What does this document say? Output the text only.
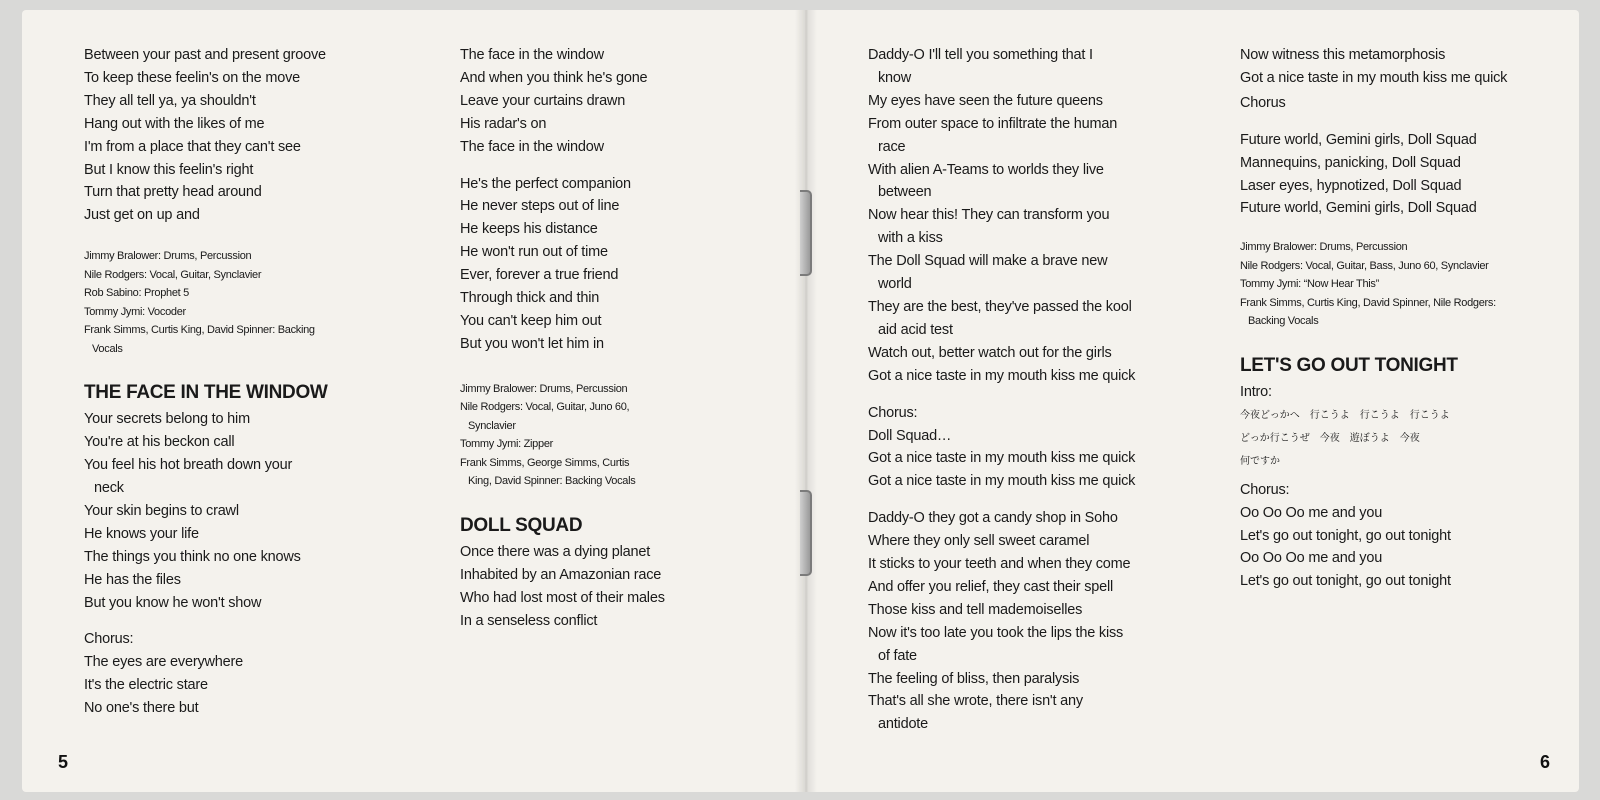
Between your past and present groove
To keep these feelin's on the move
They all tell ya, ya shouldn't
Hang out with the likes of me
I'm from a place that they can't see
But I know this feelin's right
Turn that pretty head around
Just get on up and
Jimmy Bralower: Drums, Percussion
Nile Rodgers: Vocal, Guitar, Synclavier
Rob Sabino: Prophet 5
Tommy Jymi: Vocoder
Frank Simms, Curtis King, David Spinner: Backing
Vocals
THE FACE IN THE WINDOW
Your secrets belong to him
You're at his beckon call
You feel his hot breath down your
neck
Your skin begins to crawl
He knows your life
The things you think no one knows
He has the files
But you know he won't show
Chorus:
The eyes are everywhere
It's the electric stare
No one's there but
The face in the window
And when you think he's gone
Leave your curtains drawn
His radar's on
The face in the window
He's the perfect companion
He never steps out of line
He keeps his distance
He won't run out of time
Ever, forever a true friend
Through thick and thin
You can't keep him out
But you won't let him in
Jimmy Bralower: Drums, Percussion
Nile Rodgers: Vocal, Guitar, Juno 60,
Synclavier
Tommy Jymi: Zipper
Frank Simms, George Simms, Curtis
King, David Spinner: Backing Vocals
DOLL SQUAD
Once there was a dying planet
Inhabited by an Amazonian race
Who had lost most of their males
In a senseless conflict
Daddy-O I'll tell you something that I
know
My eyes have seen the future queens
From outer space to infiltrate the human
race
With alien A-Teams to worlds they live
between
Now hear this! They can transform you
with a kiss
The Doll Squad will make a brave new
world
They are the best, they've passed the kool
aid acid test
Watch out, better watch out for the girls
Got a nice taste in my mouth kiss me quick
Chorus:
Doll Squad…
Got a nice taste in my mouth kiss me quick
Got a nice taste in my mouth kiss me quick
Daddy-O they got a candy shop in Soho
Where they only sell sweet caramel
It sticks to your teeth and when they come
And offer you relief, they cast their spell
Those kiss and tell mademoiselles
Now it's too late you took the lips the kiss
of fate
The feeling of bliss, then paralysis
That's all she wrote, there isn't any
antidote
Now witness this metamorphosis
Got a nice taste in my mouth kiss me quick
Chorus
Future world, Gemini girls, Doll Squad
Mannequins, panicking, Doll Squad
Laser eyes, hypnotized, Doll Squad
Future world, Gemini girls, Doll Squad
Jimmy Bralower: Drums, Percussion
Nile Rodgers: Vocal, Guitar, Bass, Juno 60, Synclavier
Tommy Jymi: “Now Hear This”
Frank Simms, Curtis King, David Spinner, Nile Rodgers:
Backing Vocals
LET'S GO OUT TONIGHT
Intro:
今夜どっかへ　行こうよ　行こうよ　行こうよ
どっか行こうぜ　今夜　遊ぼうよ　今夜
何ですか
Chorus:
Oo Oo Oo me and you
Let's go out tonight, go out tonight
Oo Oo Oo me and you
Let's go out tonight, go out tonight
5	6
